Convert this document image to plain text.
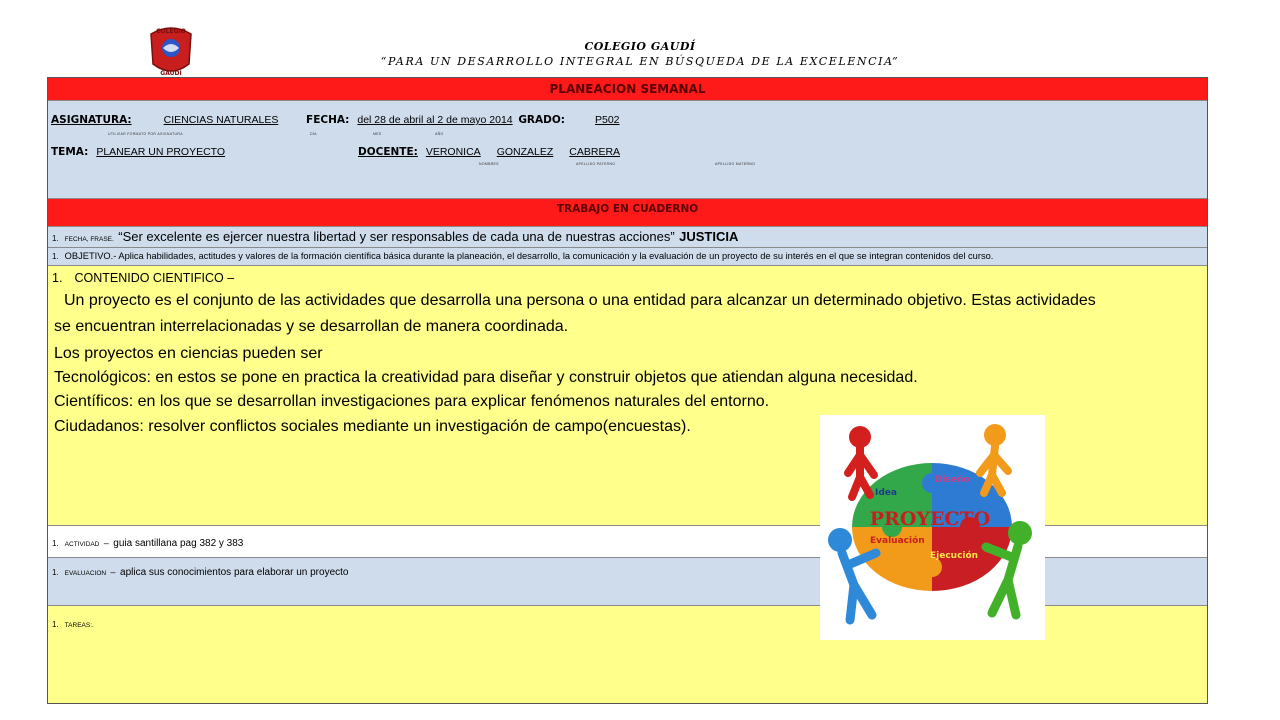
COLEGIO
GAUDI
COLEGIO GAUDÍ
“PARA UN DESARROLLO INTEGRAL EN BÚSQUEDA DE LA EXCELENCIA”
PLANEACION SEMANAL
ASIGNATURA:	CIENCIAS NATURALES	FECHA: del 28 de abril al 2 de mayo 2014 GRADO:	P502
UTILIZAR FORMATO POR ASIGNATURA	DÍA	MES	AÑO
TEMA: PLANEAR UN PROYECTO	DOCENTE: VERONICA GONZALEZ CABRERA
NOMBRES	APELLIDO PATERNO	APELLIDO MATERNO
TRABAJO EN CUADERNO
1. FECHA, FRASE. “Ser excelente es ejercer nuestra libertad y ser responsables de cada una de nuestras acciones” JUSTICIA
1. OBJETIVO.- Aplica habilidades, actitudes y valores de la formación científica básica durante la planeación, el desarrollo, la comunicación y la evaluación de un proyecto de su interés en el que se integran contenidos del curso.
1. CONTENIDO CIENTIFICO –
Un proyecto es el conjunto de las actividades que desarrolla una persona o una entidad para alcanzar un determinado objetivo. Estas actividades
se encuentran interrelacionadas y se desarrollan de manera coordinada.
Los proyectos en ciencias pueden ser
Tecnológicos: en estos se pone en practica la creatividad para diseñar y construir objetos que atiendan alguna necesidad.
Científicos: en los que se desarrollan investigaciones para explicar fenómenos naturales del entorno.
Ciudadanos: resolver conflictos sociales mediante un investigación de campo(encuestas).
1. ACTIVIDAD – guia santillana pag 382 y 383
1. EVALUACION – aplica sus conocimientos para elaborar un proyecto
1. TAREAS:.
PROYECTO
Idea
Diseño
Evaluación
Ejecución
